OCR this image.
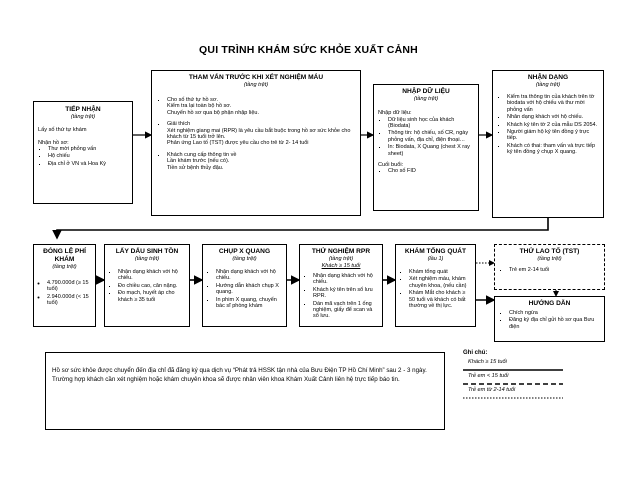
QUI TRÌNH KHÁM SỨC KHỎE XUẤT CẢNH
TIẾP NHẬN
(tầng trệt)
Lấy số thứ tự khám
Nhận hồ sơ:
▪ Thư mời phỏng vấn
▪ Hộ chiếu
▪ Địa chỉ ở VN và Hoa Kỳ
THAM VẤN TRƯỚC KHI XÉT NGHIỆM MÁU
(tầng trệt)
▪ Cho số thứ tự hồ sơ.
Kiểm tra lại toàn bộ hồ sơ.
Chuyển hồ sơ qua bộ phận nhập liệu.
▪ Giải thích
Xét nghiệm giang mai (RPR) là yêu cầu bắt buộc trong hồ sơ sức khỏe cho khách từ 15 tuổi trở lên.
Phản ứng Lao tố (TST) được yêu cầu cho trẻ từ 2- 14 tuổi
▪ Khách cung cấp thông tin về
Lần khám trước (nếu có).
Tiền sử bệnh thủy đậu.
NHẬP DỮ LIỆU
(tầng trệt)
Nhập dữ liệu:
▪ Dữ liệu sinh học của khách (Biodata)
▪ Thông tin: hộ chiếu, số CR, ngày phỏng vấn, địa chỉ, điện thoại…
▪ In: Biodata, X Quang (chest X ray sheet)
Cuối buổi:
▪ Cho số FID
NHẬN DẠNG
(tầng trệt)
▪ Kiểm tra thông tin của khách trên tờ biodata với hộ chiếu và thư mời phỏng vấn
▪ Nhân dạng khách với hộ chiếu.
▪ Khách ký tên tờ 2 của mẫu DS 2054.
▪ Người giám hộ ký tên đồng ý trực tiếp.
▪ Khách có thai: tham vấn và trực tiếp ký tên đồng ý chụp X quang.
ĐÓNG LỆ PHÍ KHÁM
(tầng trệt)
◦ 4.790.000đ (≥ 15 tuổi)
◦ 2.940.000đ (< 15 tuổi)
LẤY DẤU SINH TỒN
(tầng trệt)
▪ Nhận dạng khách với hộ chiếu.
▪ Đo chiều cao, cân nặng.
▪ Đo mạch, huyết áp cho khách ≥ 35 tuổi
CHỤP X QUANG
(tầng trệt)
▪ Nhận dạng khách với hộ chiếu.
▪ Hướng dẫn khách chụp X quang.
▪ In phim X quang, chuyển bác sĩ phòng khám
THỬ NGHIỆM RPR
(tầng trệt)
Khách ≥ 15 tuổi
▪ Nhận dạng khách với hộ chiếu.
▪ Khách ký tên trên sổ lưu RPR.
▪ Dán mã vạch trên 1 ống nghiệm, giấy để scan và sổ lưu.
KHÁM TỔNG QUÁT
(lầu 1)
▪ Khám tổng quát
▪ Xét nghiệm máu, khám chuyên khoa, (nếu cần)
▪ Khám Mắt cho khách ≥ 50 tuổi và khách có bất thường về thị lực.
THỬ LAO TỐ (TST)
(tầng trệt)
▪ Trẻ em 2-14 tuổi
HƯỚNG DẪN
▪ Chích ngừa
▪ Đăng ký địa chỉ gửi hồ sơ qua Bưu điện
Hồ sơ sức khỏe được chuyển đến địa chỉ đã đăng ký qua dịch vụ “Phát trả HSSK tận nhà của Bưu Điện TP Hồ Chí Minh” sau 2 - 3 ngày.
Trường hợp khách cần xét nghiệm hoặc khám chuyên khoa sẽ được nhân viên khoa Khám Xuất Cảnh liên hệ trực tiếp báo tin.
Ghi chú:
Khách ≥ 15 tuổi
Trẻ em < 15 tuổi
Trẻ em từ 2-14 tuổi
